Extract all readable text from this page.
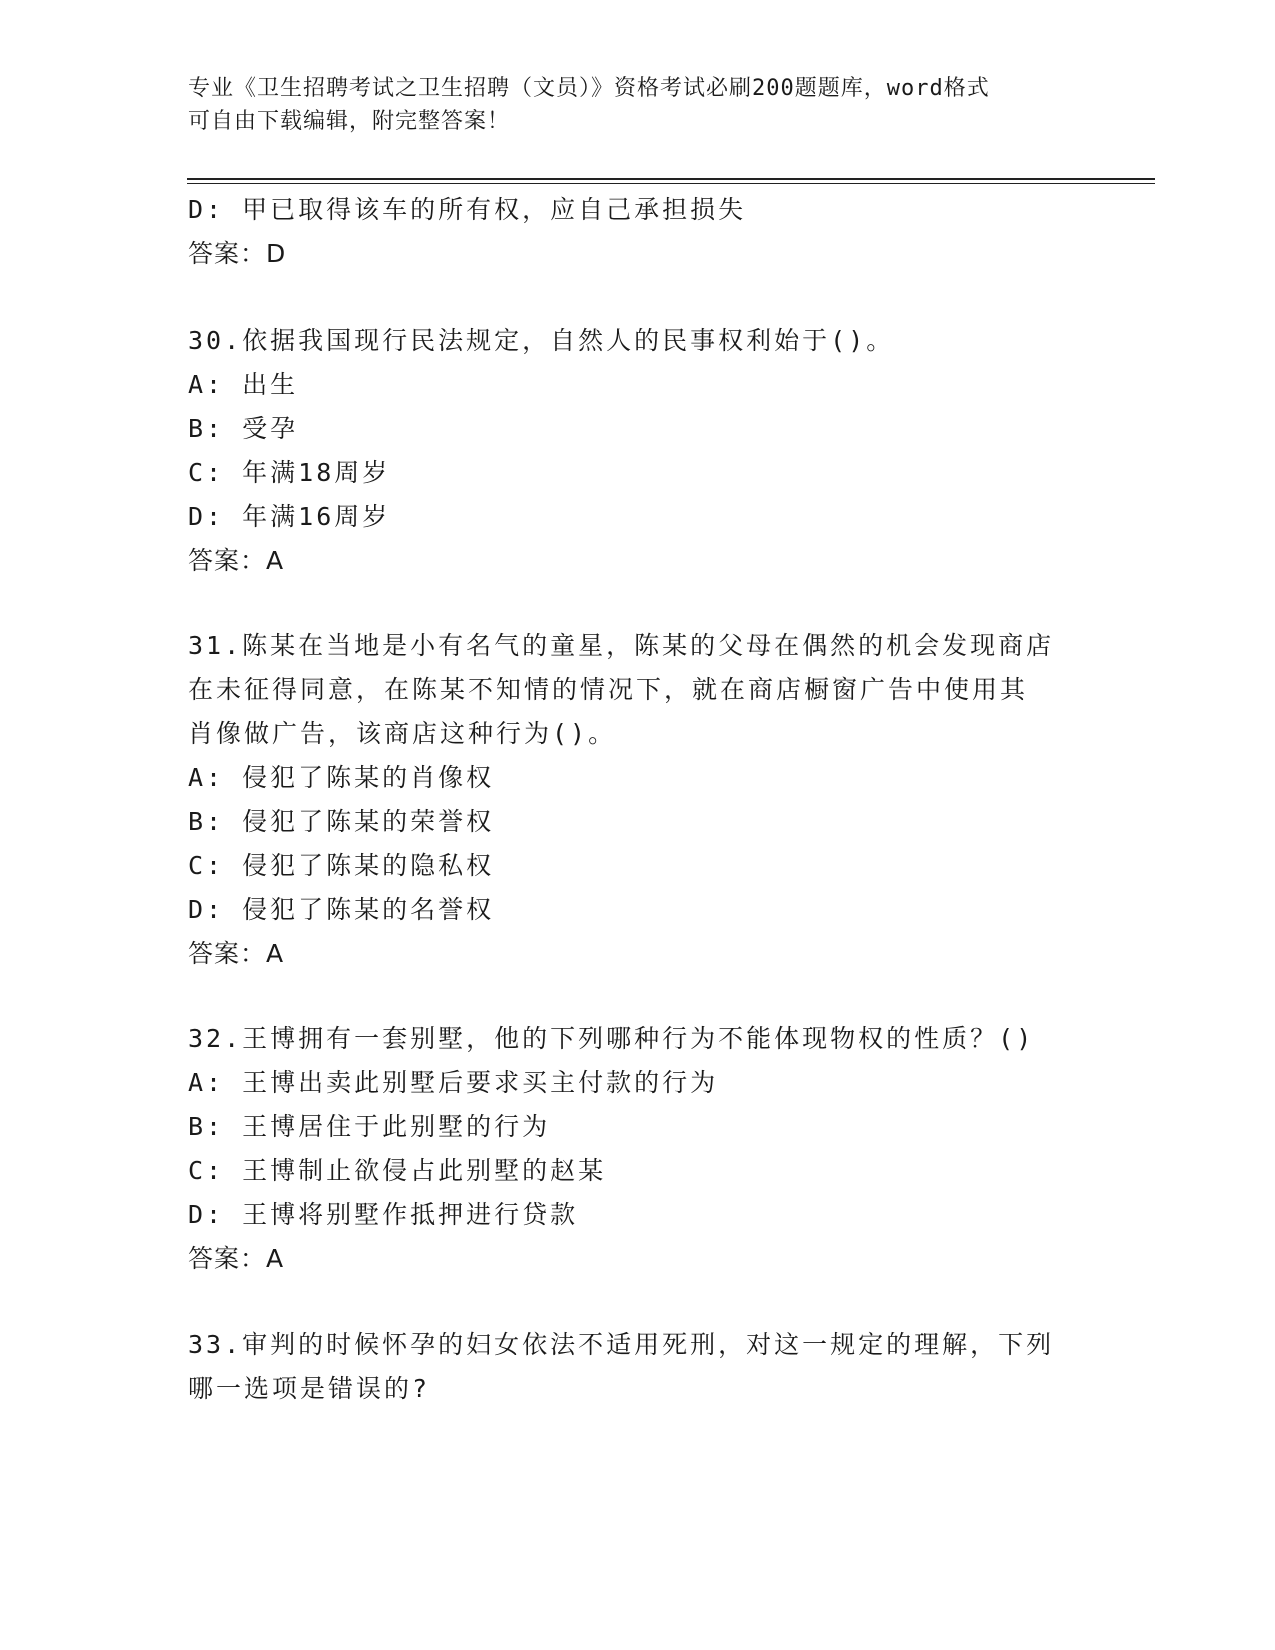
专业《卫生招聘考试之卫生招聘（文员）》资格考试必刷200题题库，word格式
可自由下载编辑，附完整答案！
D: 甲已取得该车的所有权，应自己承担损失
答案：D
30.依据我国现行民法规定，自然人的民事权利始于()。
A: 出生
B: 受孕
C: 年满18周岁
D: 年满16周岁
答案：A
31.陈某在当地是小有名气的童星，陈某的父母在偶然的机会发现商店
在未征得同意，在陈某不知情的情况下，就在商店橱窗广告中使用其
肖像做广告，该商店这种行为()。
A: 侵犯了陈某的肖像权
B: 侵犯了陈某的荣誉权
C: 侵犯了陈某的隐私权
D: 侵犯了陈某的名誉权
答案：A
32.王博拥有一套别墅，他的下列哪种行为不能体现物权的性质？()
A: 王博出卖此别墅后要求买主付款的行为
B: 王博居住于此别墅的行为
C: 王博制止欲侵占此别墅的赵某
D: 王博将别墅作抵押进行贷款
答案：A
33.审判的时候怀孕的妇女依法不适用死刑，对这一规定的理解，下列
哪一选项是错误的?
